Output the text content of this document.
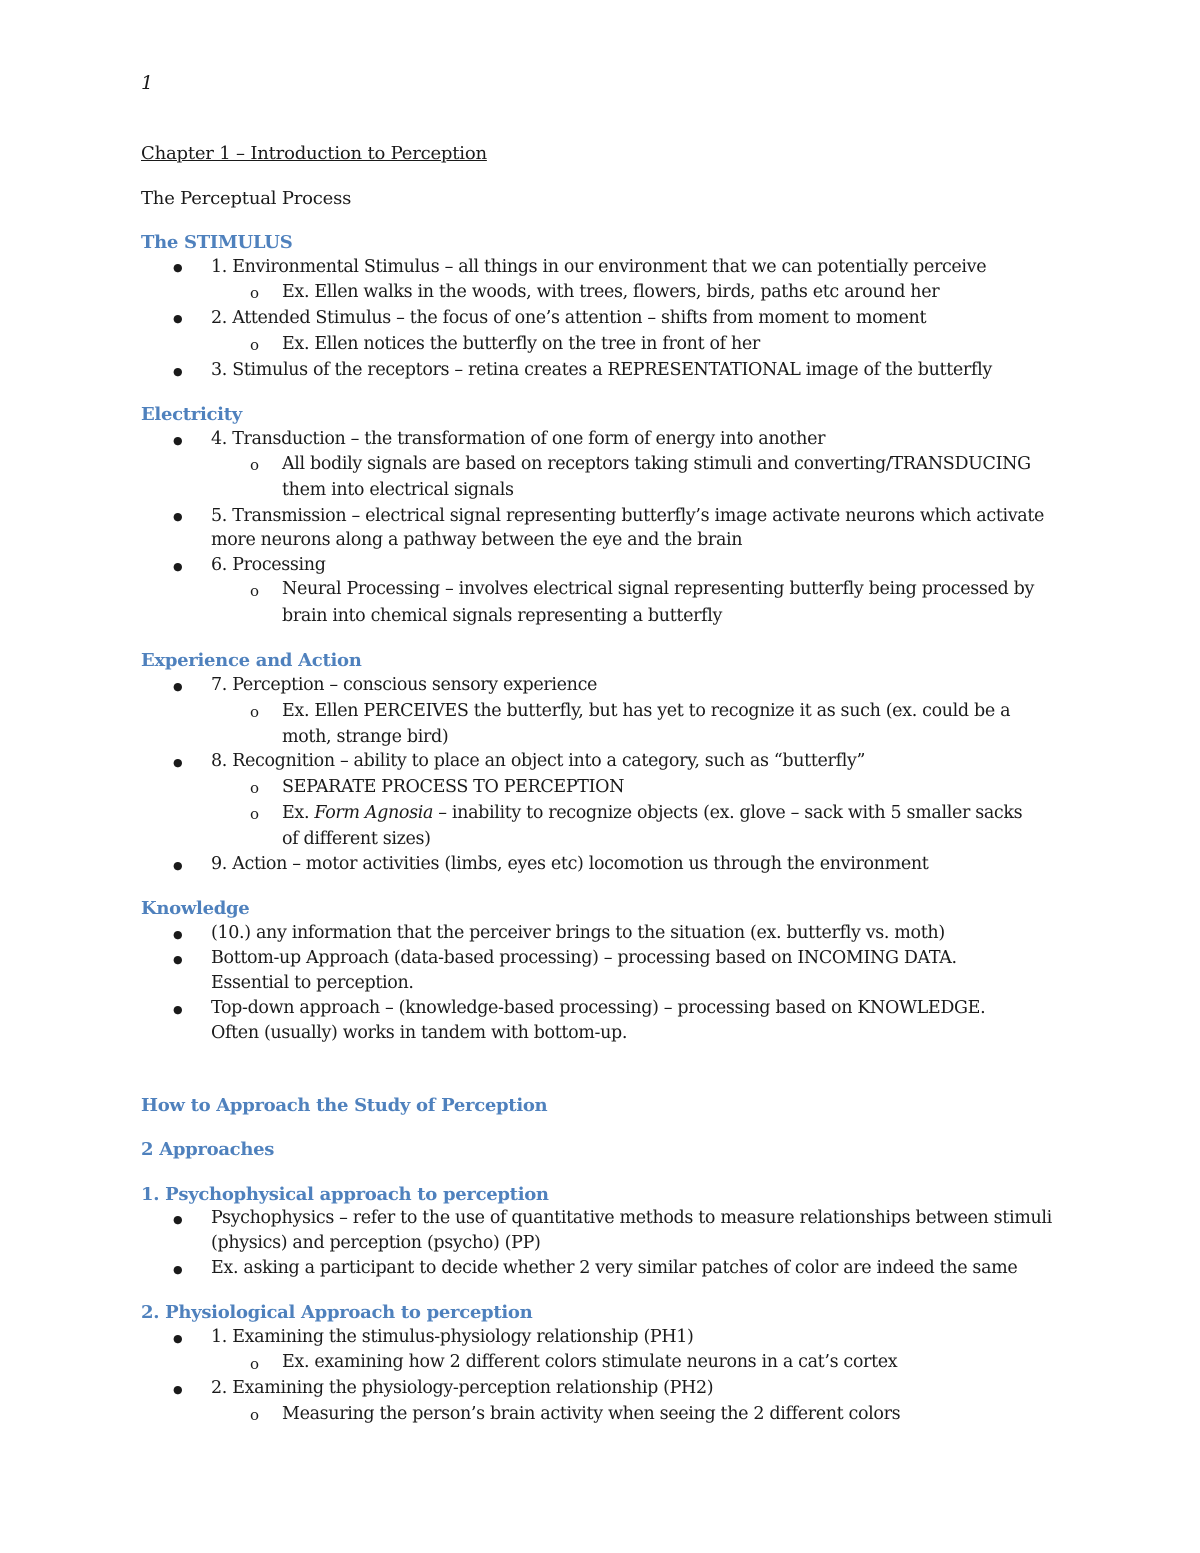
1
Chapter 1 – Introduction to Perception
The Perceptual Process
The STIMULUS
●
1. Environmental Stimulus – all things in our environment that we can potentially perceive
o
Ex. Ellen walks in the woods, with trees, flowers, birds, paths etc around her
●
2. Attended Stimulus – the focus of one’s attention – shifts from moment to moment
o
Ex. Ellen notices the butterfly on the tree in front of her
●
3. Stimulus of the receptors – retina creates a REPRESENTATIONAL image of the butterfly
Electricity
●
4. Transduction – the transformation of one form of energy into another
o
All bodily signals are based on receptors taking stimuli and converting/TRANSDUCING
them into electrical signals
●
5. Transmission – electrical signal representing butterfly’s image activate neurons which activate
more neurons along a pathway between the eye and the brain
●
6. Processing
o
Neural Processing – involves electrical signal representing butterfly being processed by
brain into chemical signals representing a butterfly
Experience and Action
●
7. Perception – conscious sensory experience
o
Ex. Ellen PERCEIVES the butterfly, but has yet to recognize it as such (ex. could be a
moth, strange bird)
●
8. Recognition – ability to place an object into a category, such as “butterfly”
o
SEPARATE PROCESS TO PERCEPTION
o
Ex. Form Agnosia – inability to recognize objects (ex. glove – sack with 5 smaller sacks
of different sizes)
●
9. Action – motor activities (limbs, eyes etc) locomotion us through the environment
Knowledge
●
(10.) any information that the perceiver brings to the situation (ex. butterfly vs. moth)
●
Bottom-up Approach (data-based processing) – processing based on INCOMING DATA.
Essential to perception.
●
Top-down approach – (knowledge-based processing) – processing based on KNOWLEDGE.
Often (usually) works in tandem with bottom-up.
How to Approach the Study of Perception
2 Approaches
1. Psychophysical approach to perception
●
Psychophysics – refer to the use of quantitative methods to measure relationships between stimuli
(physics) and perception (psycho) (PP)
●
Ex. asking a participant to decide whether 2 very similar patches of color are indeed the same
2. Physiological Approach to perception
●
1. Examining the stimulus-physiology relationship (PH1)
o
Ex. examining how 2 different colors stimulate neurons in a cat’s cortex
●
2. Examining the physiology-perception relationship (PH2)
o
Measuring the person’s brain activity when seeing the 2 different colors
